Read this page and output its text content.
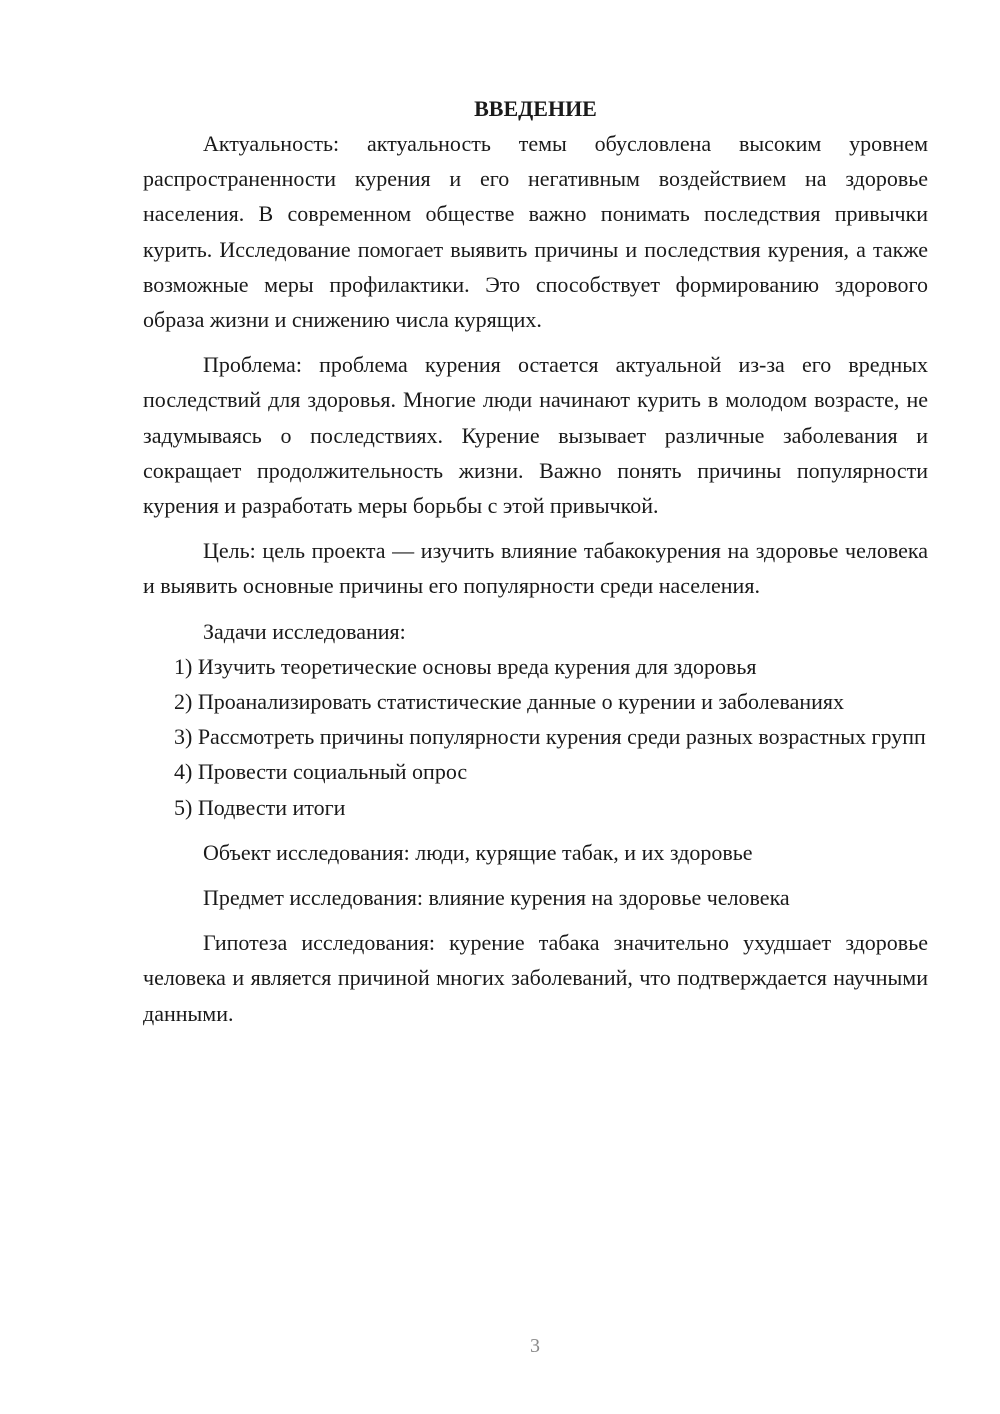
ВВЕДЕНИЕ

Актуальность: актуальность темы обусловлена высоким уровнем распространенности курения и его негативным воздействием на здоровье населения. В современном обществе важно понимать последствия привычки курить. Исследование помогает выявить причины и последствия курения, а также возможные меры профилактики. Это способствует формированию здорового образа жизни и снижению числа курящих.

Проблема: проблема курения остается актуальной из-за его вредных последствий для здоровья. Многие люди начинают курить в молодом возрасте, не задумываясь о последствиях. Курение вызывает различные заболевания и сокращает продолжительность жизни. Важно понять причины популярности курения и разработать меры борьбы с этой привычкой.

Цель: цель проекта — изучить влияние табакокурения на здоровье человека и выявить основные причины его популярности среди населения.

Задачи исследования:

1) Изучить теоретические основы вреда курения для здоровья

2) Проанализировать статистические данные о курении и заболеваниях

3) Рассмотреть причины популярности курения среди разных возрастных групп

4) Провести социальный опрос

5) Подвести итоги

Объект исследования: люди, курящие табак, и их здоровье

Предмет исследования: влияние курения на здоровье человека

Гипотеза исследования: курение табака значительно ухудшает здоровье человека и является причиной многих заболеваний, что подтверждается научными данными.

3
